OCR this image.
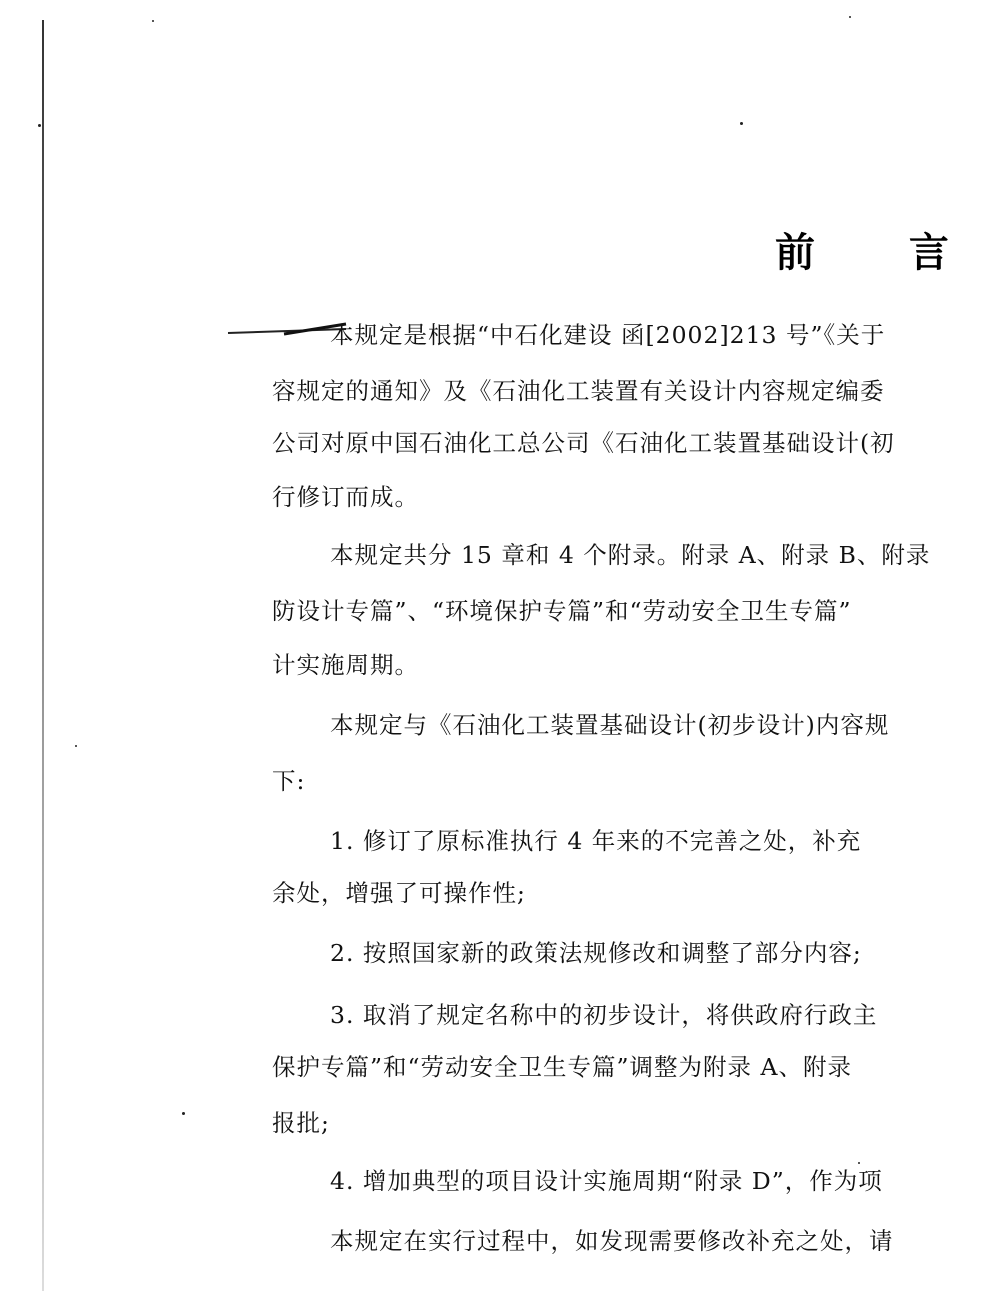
前 言
本规定是根据“中石化建设 函[2002]213 号”《关于
容规定的通知》及《石油化工装置有关设计内容规定编委
公司对原中国石油化工总公司《石油化工装置基础设计(初
行修订而成。
本规定共分 15 章和 4 个附录。附录 A、附录 B、附录
防设计专篇”、“环境保护专篇”和“劳动安全卫生专篇”
计实施周期。
本规定与《石油化工装置基础设计(初步设计)内容规
下:
1. 修订了原标准执行 4 年来的不完善之处，补充
余处，增强了可操作性;
2. 按照国家新的政策法规修改和调整了部分内容;
3. 取消了规定名称中的初步设计，将供政府行政主
保护专篇”和“劳动安全卫生专篇”调整为附录 A、附录
报批;
4. 增加典型的项目设计实施周期“附录 D”，作为项
本规定在实行过程中，如发现需要修改补充之处，请
